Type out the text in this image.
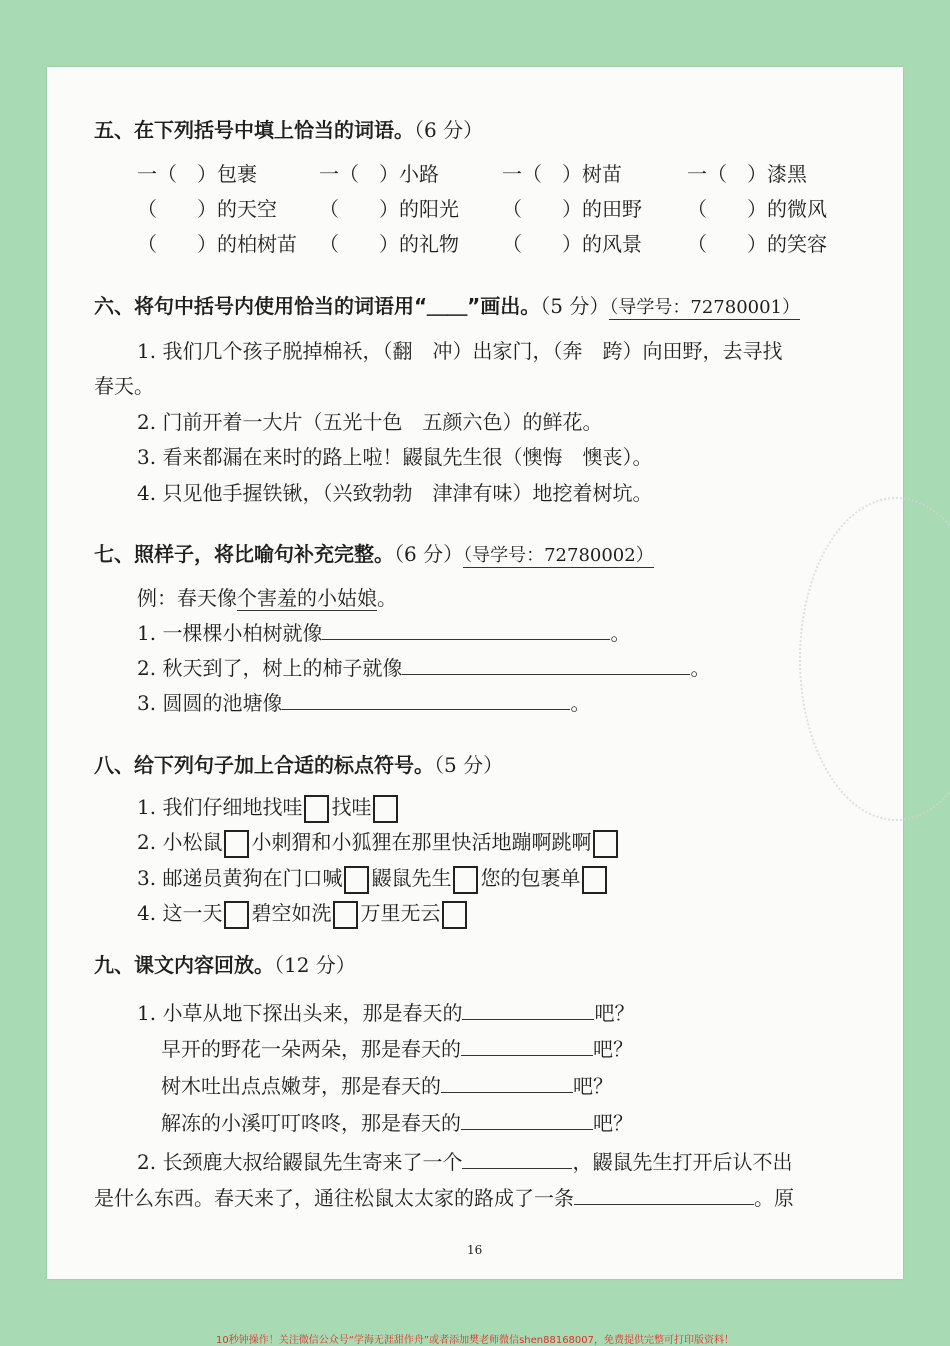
五、在下列括号中填上恰当的词语。（6 分）
一（　）包裹	一（　）小路	一（　）树苗	一（　）漆黑
（　　）的天空 （　　）的阳光 （　　）的田野 （　　）的微风
（　　）的柏树苗 （　　）的礼物 （　　）的风景 （　　）的笑容
六、将句中括号内使用恰当的词语用“＿＿”画出。（5 分）（导学号：72780001）
1. 我们几个孩子脱掉棉袄，（翻　冲）出家门，（奔　跨）向田野，去寻找
春天。
2. 门前开着一大片（五光十色　五颜六色）的鲜花。
3. 看来都漏在来时的路上啦！鼹鼠先生很（懊悔　懊丧）。
4. 只见他手握铁锹，（兴致勃勃　津津有味）地挖着树坑。
七、照样子，将比喻句补充完整。（6 分）（导学号：72780002）
例：春天像个害羞的小姑娘。
1. 一棵棵小柏树就像	。
2. 秋天到了，树上的柿子就像	。
3. 圆圆的池塘像	。
八、给下列句子加上合适的标点符号。（5 分）
1. 我们仔细地找哇 找哇
2. 小松鼠 小刺猬和小狐狸在那里快活地蹦啊跳啊
3. 邮递员黄狗在门口喊 鼹鼠先生 您的包裹单
4. 这一天 碧空如洗 万里无云
九、课文内容回放。（12 分）
1. 小草从地下探出头来，那是春天的	吧？
早开的野花一朵两朵，那是春天的	吧？
树木吐出点点嫩芽，那是春天的	吧？
解冻的小溪叮叮咚咚，那是春天的	吧？
2. 长颈鹿大叔给鼹鼠先生寄来了一个	，鼹鼠先生打开后认不出
是什么东西。春天来了，通往松鼠太太家的路成了一条	。原
16
10秒钟操作！关注微信公众号“学海无涯甜作舟”或者添加樊老师微信shen88168007，免费提供完整可打印版资料！
